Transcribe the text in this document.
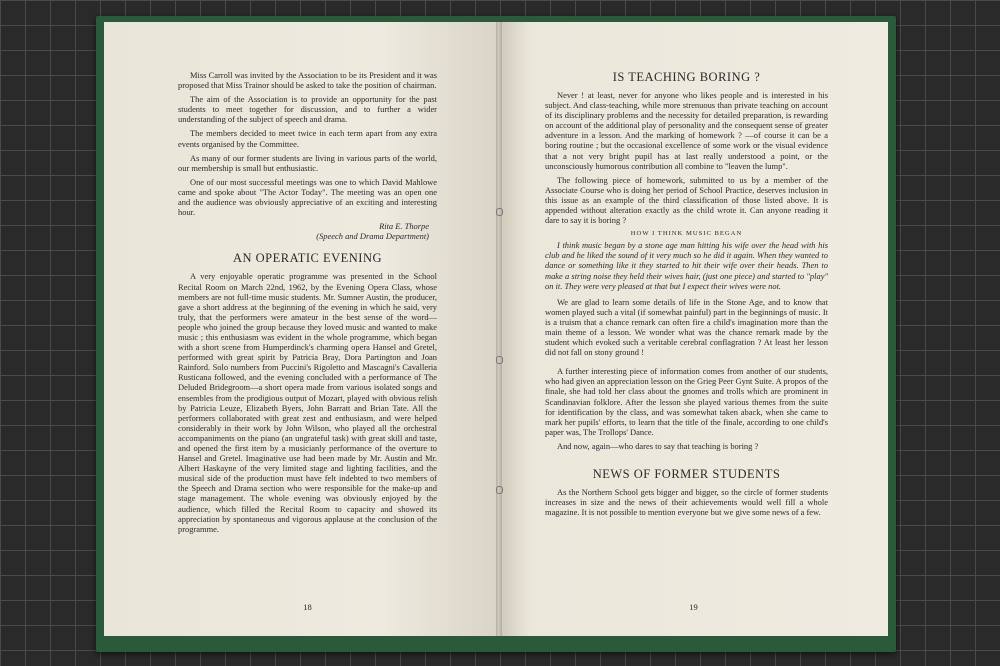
Miss Carroll was invited by the Association to be its President and it was proposed that Miss Trainor should be asked to take the position of chairman.

The aim of the Association is to provide an opportunity for the past students to meet together for discussion, and to further a wider understanding of the subject of speech and drama.

The members decided to meet twice in each term apart from any extra events organised by the Committee.

As many of our former students are living in various parts of the world, our membership is small but enthusiastic.

One of our most successful meetings was one to which David Mahlowe came and spoke about "The Actor Today". The meeting was an open one and the audience was obviously appreciative of an exciting and interesting hour.

Rita E. Thorpe
(Speech and Drama Department)
AN OPERATIC EVENING

A very enjoyable operatic programme was presented in the School Recital Room on March 22nd, 1962, by the Evening Opera Class, whose members are not full-time music students. Mr. Sumner Austin, the producer, gave a short address at the beginning of the evening in which he said, very truly, that the performers were amateur in the best sense of the word—people who joined the group because they loved music and wanted to make music ; this enthusiasm was evident in the whole programme, which began with a short scene from Humperdinck's charming opera Hansel and Gretel, performed with great spirit by Patricia Bray, Dora Partington and Joan Rainford. Solo numbers from Puccini's Rigoletto and Mascagni's Cavalleria Rusticana followed, and the evening concluded with a performance of The Deluded Bridegroom—a short opera made from various isolated songs and ensembles from the prodigious output of Mozart, played with obvious relish by Patricia Leuze, Elizabeth Byers, John Barratt and Brian Tate. All the performers collaborated with great zest and enthusiasm, and were helped considerably in their work by John Wilson, who played all the orchestral accompaniments on the piano (an ungrateful task) with great skill and taste, and opened the first item by a musicianly performance of the overture to Hansel and Gretel. Imaginative use had been made by Mr. Austin and Mr. Albert Haskayne of the very limited stage and lighting facilities, and the musical side of the production must have felt indebted to two members of the Speech and Drama section who were responsible for the make-up and stage management. The whole evening was obviously enjoyed by the audience, which filled the Recital Room to capacity and showed its appreciation by spontaneous and vigorous applause at the conclusion of the programme.

18
IS TEACHING BORING ?

Never ! at least, never for anyone who likes people and is interested in his subject. And class-teaching, while more strenuous than private teaching on account of its disciplinary problems and the necessity for detailed preparation, is rewarding on account of the additional play of personality and the consequent sense of greater adventure in a lesson. And the marking of homework ? —of course it can be a boring routine ; but the occasional excellence of some work or the visual evidence that a not very bright pupil has at last really understood a point, or the unconsciously humorous contribution all combine to "leaven the lump".

The following piece of homework, submitted to us by a member of the Associate Course who is doing her period of School Practice, deserves inclusion in this issue as an example of the third classification of those listed above. It is appended without alteration exactly as the child wrote it. Can anyone reading it dare to say it is boring ?

HOW I THINK MUSIC BEGAN

I think music began by a stone age man hitting his wife over the head with his club and he liked the sound of it very much so he did it again. When they wanted to dance or something like it they started to hit their wife over their heads. Then to make a string noise they held their wives hair, (just one piece) and started to "play" on it. They were very pleased at that but I expect their wives were not.

We are glad to learn some details of life in the Stone Age, and to know that women played such a vital (if somewhat painful) part in the beginnings of music. It is a truism that a chance remark can often fire a child's imagination more than the main theme of a lesson. We wonder what was the chance remark made by the student which evoked such a veritable cerebral conflagration ? At least her lesson did not fall on stony ground !

A further interesting piece of information comes from another of our students, who had given an appreciation lesson on the Grieg Peer Gynt Suite. A propos of the finale, she had told her class about the gnomes and trolls which are prominent in Scandinavian folklore. After the lesson she played various themes from the suite for identification by the class, and was somewhat taken aback, when she came to mark her pupils' efforts, to learn that the title of the finale, according to one child's paper was, The Trollops' Dance.

And now, again—who dares to say that teaching is boring ?

NEWS OF FORMER STUDENTS

As the Northern School gets bigger and bigger, so the circle of former students increases in size and the news of their achievements would well fill a whole magazine. It is not possible to mention everyone but we give some news of a few.

19
